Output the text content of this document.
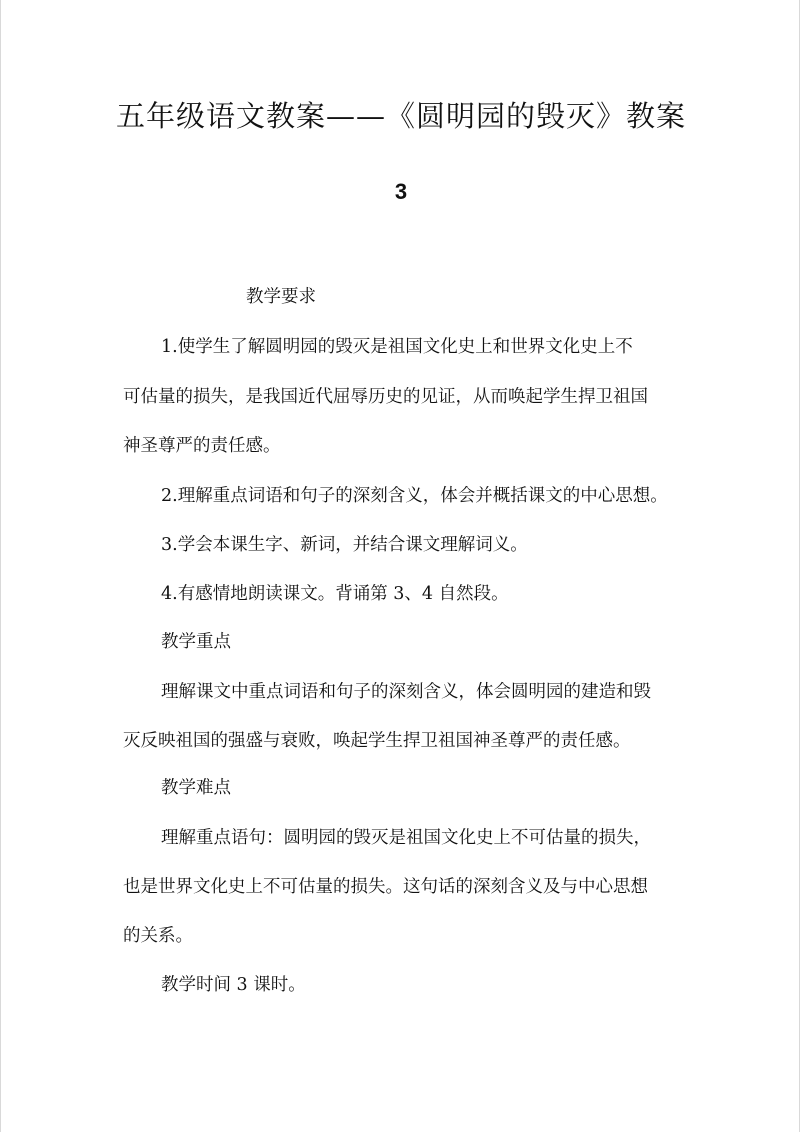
五年级语文教案——《圆明园的毁灭》教案
3
教学要求
1.使学生了解圆明园的毁灭是祖国文化史上和世界文化史上不
可估量的损失，是我国近代屈辱历史的见证，从而唤起学生捍卫祖国
神圣尊严的责任感。
2.理解重点词语和句子的深刻含义，体会并概括课文的中心思想。
3.学会本课生字、新词，并结合课文理解词义。
4.有感情地朗读课文。背诵第 3、4 自然段。
教学重点
理解课文中重点词语和句子的深刻含义，体会圆明园的建造和毁
灭反映祖国的强盛与衰败，唤起学生捍卫祖国神圣尊严的责任感。
教学难点
理解重点语句：圆明园的毁灭是祖国文化史上不可估量的损失，
也是世界文化史上不可估量的损失。这句话的深刻含义及与中心思想
的关系。
教学时间 3 课时。
